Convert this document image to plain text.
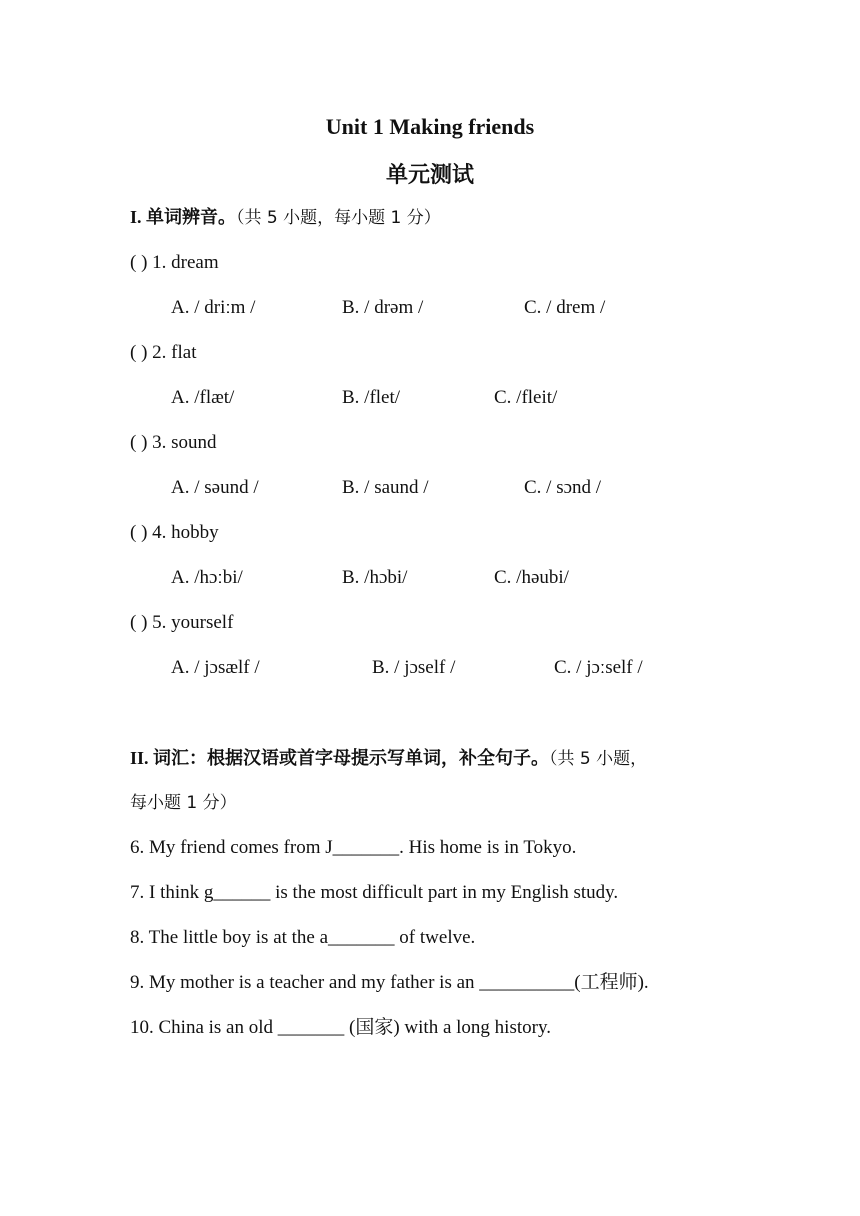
Unit 1 Making friends
单元测试
I. 单词辨音。（共 5 小题，每小题 1 分）
( ) 1. dream
A. / driːm /	B. / drəm /	C. / drem /
( ) 2. flat
A. /flæt/	B. /flet/	C. /fleit/
( ) 3. sound
A. / səund /	B. / saund /	C. / sɔnd /
( ) 4. hobby
A. /hɔːbi/	B. /hɔbi/	C. /həubi/
( ) 5. yourself
A. / jɔsælf /	B. / jɔself /	C. / jɔːself /
II. 词汇：根据汉语或首字母提示写单词，补全句子。（共 5 小题，
每小题 1 分）
6. My friend comes from J_______. His home is in Tokyo.
7. I think g______ is the most difficult part in my English study.
8. The little boy is at the a_______ of twelve.
9. My mother is a teacher and my father is an __________(工程师).
10. China is an old _______ (国家) with a long history.
